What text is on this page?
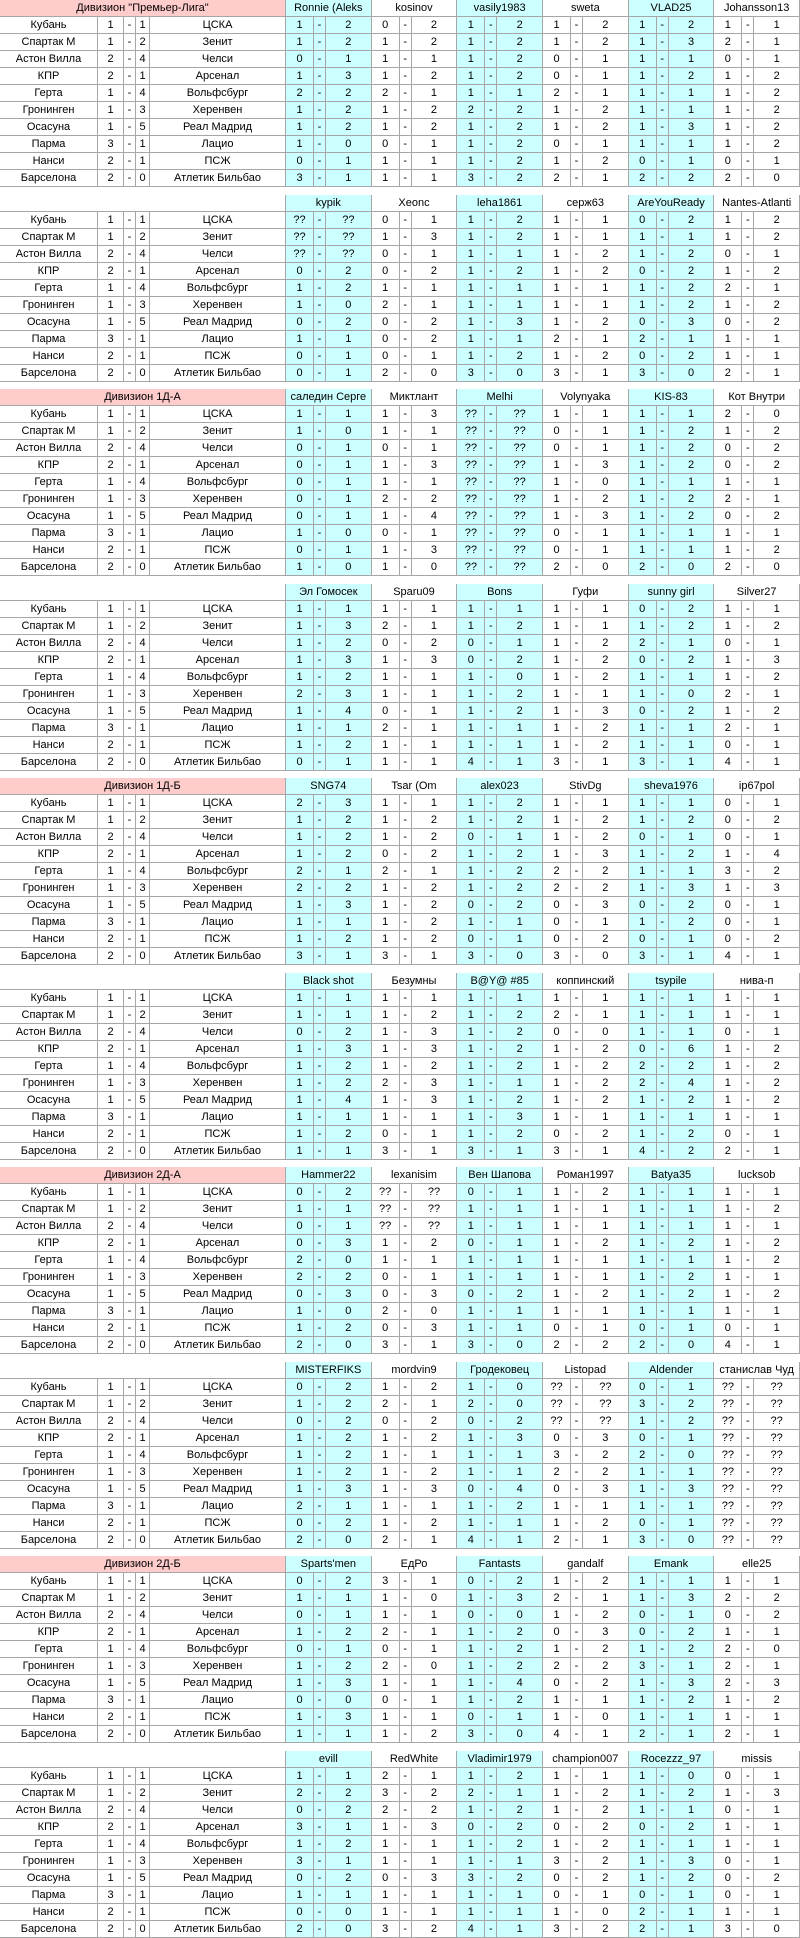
Дивизион "Премьер-Лига"	Ronnie (Aleks	kosinov	vasily1983	sweta	VLAD25	Johansson13
Кубань	1	- 1	ЦСКА	1	-	2	0	-	2	1	-	2	1	-	2	1	-	2	1	-	1
Спартак М	1	- 2	Зенит	1	-	2	1	-	2	1	-	2	1	-	2	1	-	3	2	-	1
Астон Вилла	2	- 4	Челси	0	-	1	1	-	1	1	-	2	0	-	1	1	-	1	0	-	1
КПР	2	- 1	Арсенал	1	-	3	1	-	2	1	-	2	0	-	1	1	-	2	1	-	2
Герта	1	- 4	Вольфсбург	2	-	2	2	-	1	1	-	1	2	-	1	1	-	1	1	-	2
Гронинген	1	- 3	Херенвен	1	-	2	1	-	2	2	-	2	1	-	2	1	-	1	1	-	2
Осасуна	1	- 5	Реал Мадрид	1	-	2	1	-	2	1	-	2	1	-	2	1	-	3	1	-	2
Парма	3	- 1	Лацио	1	-	0	0	-	1	1	-	2	0	-	1	1	-	1	1	-	2
Нанси	2	- 1	ПСЖ	0	-	1	1	-	1	1	-	2	1	-	2	0	-	1	0	-	1
Барселона	2	- 0	Атлетик Бильбао	3	-	1	1	-	1	3	-	2	2	-	1	2	-	2	2	-	0
kypik	Xeonc	leha1861	серж63	AreYouReady	Nantes-Atlanti
Кубань	1	- 1	ЦСКА	??	-	??	0	-	1	1	-	2	1	-	1	0	-	2	1	-	2
Спартак М	1	- 2	Зенит	??	-	??	1	-	3	1	-	2	1	-	1	1	-	1	1	-	2
Астон Вилла	2	- 4	Челси	??	-	??	0	-	1	1	-	1	1	-	2	1	-	2	0	-	1
КПР	2	- 1	Арсенал	0	-	2	0	-	2	1	-	2	1	-	2	0	-	2	1	-	2
Герта	1	- 4	Вольфсбург	1	-	2	1	-	1	1	-	1	1	-	1	1	-	2	2	-	1
Гронинген	1	- 3	Херенвен	1	-	0	2	-	1	1	-	1	1	-	1	1	-	2	1	-	2
Осасуна	1	- 5	Реал Мадрид	0	-	2	0	-	2	1	-	3	1	-	2	0	-	3	0	-	2
Парма	3	- 1	Лацио	1	-	1	0	-	2	1	-	1	2	-	1	2	-	1	1	-	1
Нанси	2	- 1	ПСЖ	0	-	1	0	-	1	1	-	2	1	-	2	0	-	2	1	-	1
Барселона	2	- 0	Атлетик Бильбао	0	-	1	2	-	0	3	-	0	3	-	1	3	-	0	2	-	1
Дивизион 1Д-А	саледин Серге	Миктлант	Melhi	Volynyaka	KIS-83	Кот Внутри
Кубань	1	- 1	ЦСКА	1	-	1	1	-	3	??	-	??	1	-	1	1	-	1	2	-	0
Спартак М	1	- 2	Зенит	1	-	0	1	-	1	??	-	??	0	-	1	1	-	2	1	-	2
Астон Вилла	2	- 4	Челси	0	-	1	0	-	1	??	-	??	0	-	1	1	-	2	0	-	2
КПР	2	- 1	Арсенал	0	-	1	1	-	3	??	-	??	1	-	3	1	-	2	0	-	2
Герта	1	- 4	Вольфсбург	0	-	1	1	-	1	??	-	??	1	-	0	1	-	1	1	-	1
Гронинген	1	- 3	Херенвен	0	-	1	2	-	2	??	-	??	1	-	2	1	-	2	2	-	1
Осасуна	1	- 5	Реал Мадрид	0	-	1	1	-	4	??	-	??	1	-	3	1	-	2	0	-	2
Парма	3	- 1	Лацио	1	-	0	0	-	1	??	-	??	0	-	1	1	-	1	1	-	1
Нанси	2	- 1	ПСЖ	0	-	1	1	-	3	??	-	??	0	-	1	1	-	1	1	-	2
Барселона	2	- 0	Атлетик Бильбао	1	-	0	1	-	0	??	-	??	2	-	0	2	-	0	2	-	0
Эл Гомосек	Sparu09	Bons	Гуфи	sunny girl	Silver27
Кубань	1	- 1	ЦСКА	1	-	1	1	-	1	1	-	1	1	-	1	0	-	2	1	-	1
Спартак М	1	- 2	Зенит	1	-	3	2	-	1	1	-	2	1	-	1	1	-	2	1	-	2
Астон Вилла	2	- 4	Челси	1	-	2	0	-	2	0	-	1	1	-	2	2	-	1	0	-	1
КПР	2	- 1	Арсенал	1	-	3	1	-	3	0	-	2	1	-	2	0	-	2	1	-	3
Герта	1	- 4	Вольфсбург	1	-	2	1	-	1	1	-	0	1	-	2	1	-	1	1	-	2
Гронинген	1	- 3	Херенвен	2	-	3	1	-	1	1	-	2	1	-	1	1	-	0	2	-	1
Осасуна	1	- 5	Реал Мадрид	1	-	4	0	-	1	1	-	2	1	-	3	0	-	2	1	-	2
Парма	3	- 1	Лацио	1	-	1	2	-	1	1	-	1	1	-	2	1	-	1	2	-	1
Нанси	2	- 1	ПСЖ	1	-	2	1	-	1	1	-	1	1	-	2	1	-	1	0	-	1
Барселона	2	- 0	Атлетик Бильбао	0	-	1	1	-	1	4	-	1	3	-	1	3	-	1	4	-	1
Дивизион 1Д-Б	SNG74	Tsar (Om	alex023	StivDg	sheva1976	ip67pol
Кубань	1	- 1	ЦСКА	2	-	3	1	-	1	1	-	2	1	-	1	1	-	1	0	-	1
Спартак М	1	- 2	Зенит	1	-	2	1	-	2	1	-	2	1	-	2	1	-	2	0	-	2
Астон Вилла	2	- 4	Челси	1	-	2	1	-	2	0	-	1	1	-	2	0	-	1	0	-	1
КПР	2	- 1	Арсенал	1	-	2	0	-	2	1	-	2	1	-	3	1	-	2	1	-	4
Герта	1	- 4	Вольфсбург	2	-	1	2	-	1	1	-	2	2	-	2	1	-	1	3	-	2
Гронинген	1	- 3	Херенвен	2	-	2	1	-	2	1	-	2	2	-	2	1	-	3	1	-	3
Осасуна	1	- 5	Реал Мадрид	1	-	3	1	-	2	0	-	2	0	-	3	0	-	2	0	-	1
Парма	3	- 1	Лацио	1	-	1	1	-	2	1	-	1	0	-	1	1	-	2	0	-	1
Нанси	2	- 1	ПСЖ	1	-	2	1	-	2	0	-	1	0	-	2	0	-	1	0	-	2
Барселона	2	- 0	Атлетик Бильбао	3	-	1	3	-	1	3	-	0	3	-	0	3	-	1	4	-	1
Black shot	Безумны	B@Y@ #85	коппинский	tsypile	нива-п
Кубань	1	- 1	ЦСКА	1	-	1	1	-	1	1	-	1	1	-	1	1	-	1	1	-	1
Спартак М	1	- 2	Зенит	1	-	1	1	-	2	1	-	2	2	-	1	1	-	1	1	-	1
Астон Вилла	2	- 4	Челси	0	-	2	1	-	3	1	-	2	0	-	0	1	-	1	0	-	1
КПР	2	- 1	Арсенал	1	-	3	1	-	3	1	-	2	1	-	2	0	-	6	1	-	2
Герта	1	- 4	Вольфсбург	1	-	2	1	-	2	1	-	2	1	-	2	2	-	2	1	-	2
Гронинген	1	- 3	Херенвен	1	-	2	2	-	3	1	-	1	1	-	2	2	-	4	1	-	2
Осасуна	1	- 5	Реал Мадрид	1	-	4	1	-	3	1	-	2	1	-	2	1	-	2	1	-	2
Парма	3	- 1	Лацио	1	-	1	1	-	1	1	-	3	1	-	1	1	-	1	1	-	1
Нанси	2	- 1	ПСЖ	1	-	2	0	-	1	1	-	2	0	-	2	1	-	2	0	-	1
Барселона	2	- 0	Атлетик Бильбао	1	-	1	3	-	1	3	-	1	3	-	1	4	-	2	2	-	1
Дивизион 2Д-А	Hammer22	lexanisim	Вен Шапова	Роман1997	Batya35	lucksob
Кубань	1	- 1	ЦСКА	0	-	2	??	-	??	0	-	1	1	-	2	1	-	1	1	-	1
Спартак М	1	- 2	Зенит	1	-	1	??	-	??	1	-	1	1	-	1	1	-	1	1	-	2
Астон Вилла	2	- 4	Челси	0	-	1	??	-	??	1	-	1	1	-	1	1	-	1	1	-	1
КПР	2	- 1	Арсенал	0	-	3	1	-	2	0	-	1	1	-	2	1	-	2	1	-	2
Герта	1	- 4	Вольфсбург	2	-	0	1	-	1	1	-	1	1	-	1	1	-	1	1	-	2
Гронинген	1	- 3	Херенвен	2	-	2	0	-	1	1	-	1	1	-	1	1	-	2	1	-	1
Осасуна	1	- 5	Реал Мадрид	0	-	3	0	-	3	0	-	2	1	-	2	1	-	2	1	-	2
Парма	3	- 1	Лацио	1	-	0	2	-	0	1	-	1	1	-	1	1	-	1	1	-	1
Нанси	2	- 1	ПСЖ	1	-	2	0	-	3	1	-	1	0	-	1	0	-	1	0	-	1
Барселона	2	- 0	Атлетик Бильбао	2	-	0	3	-	1	3	-	0	2	-	2	2	-	0	4	-	1
MISTERFIKS	mordvin9	Гродековец	Listopad	Aldender	станислав Чуд
Кубань	1	- 1	ЦСКА	0	-	2	1	-	2	1	-	0	??	-	??	0	-	1	??	-	??
Спартак М	1	- 2	Зенит	1	-	2	2	-	1	2	-	0	??	-	??	3	-	2	??	-	??
Астон Вилла	2	- 4	Челси	0	-	2	0	-	2	0	-	2	??	-	??	1	-	2	??	-	??
КПР	2	- 1	Арсенал	1	-	2	1	-	2	1	-	3	0	-	3	0	-	1	??	-	??
Герта	1	- 4	Вольфсбург	1	-	2	1	-	1	1	-	1	3	-	2	2	-	0	??	-	??
Гронинген	1	- 3	Херенвен	1	-	2	1	-	2	1	-	1	2	-	2	1	-	1	??	-	??
Осасуна	1	- 5	Реал Мадрид	1	-	3	1	-	3	0	-	4	0	-	3	1	-	3	??	-	??
Парма	3	- 1	Лацио	2	-	1	1	-	1	1	-	2	1	-	1	1	-	1	??	-	??
Нанси	2	- 1	ПСЖ	0	-	2	1	-	2	1	-	1	1	-	2	0	-	1	??	-	??
Барселона	2	- 0	Атлетик Бильбао	2	-	0	2	-	1	4	-	1	2	-	1	3	-	0	??	-	??
Дивизион 2Д-Б	Sparts'men	ЕдРо	Fantasts	gandalf	Emank	elle25
Кубань	1	- 1	ЦСКА	0	-	2	3	-	1	0	-	2	1	-	2	1	-	1	1	-	1
Спартак М	1	- 2	Зенит	1	-	1	1	-	0	1	-	3	2	-	1	1	-	3	2	-	2
Астон Вилла	2	- 4	Челси	0	-	1	1	-	1	0	-	0	1	-	2	0	-	1	0	-	2
КПР	2	- 1	Арсенал	1	-	2	2	-	1	1	-	2	0	-	3	0	-	2	1	-	1
Герта	1	- 4	Вольфсбург	0	-	1	0	-	1	1	-	2	1	-	2	1	-	2	2	-	0
Гронинген	1	- 3	Херенвен	1	-	2	2	-	0	1	-	2	2	-	2	3	-	1	2	-	1
Осасуна	1	- 5	Реал Мадрид	1	-	3	1	-	1	1	-	4	0	-	2	1	-	3	2	-	3
Парма	3	- 1	Лацио	0	-	0	0	-	1	1	-	2	1	-	1	1	-	2	1	-	2
Нанси	2	- 1	ПСЖ	1	-	3	1	-	1	0	-	1	1	-	0	1	-	1	1	-	1
Барселона	2	- 0	Атлетик Бильбао	1	-	1	1	-	2	3	-	0	4	-	1	2	-	1	2	-	1
evill	RedWhite	Vladimir1979	champion007	Rocezzz_97	missis
Кубань	1	- 1	ЦСКА	1	-	1	2	-	1	1	-	2	1	-	1	1	-	0	0	-	1
Спартак М	1	- 2	Зенит	2	-	2	3	-	2	2	-	1	1	-	2	1	-	2	1	-	3
Астон Вилла	2	- 4	Челси	0	-	2	2	-	2	1	-	2	1	-	2	1	-	1	0	-	1
КПР	2	- 1	Арсенал	3	-	1	1	-	3	0	-	2	0	-	2	0	-	2	1	-	1
Герта	1	- 4	Вольфсбург	1	-	2	1	-	1	1	-	2	1	-	2	1	-	1	1	-	1
Гронинген	1	- 3	Херенвен	3	-	1	1	-	1	1	-	1	3	-	2	1	-	3	0	-	1
Осасуна	1	- 5	Реал Мадрид	0	-	2	0	-	3	3	-	2	0	-	2	1	-	2	0	-	2
Парма	3	- 1	Лацио	1	-	1	1	-	1	1	-	1	0	-	1	0	-	1	0	-	1
Нанси	2	- 1	ПСЖ	0	-	0	1	-	1	1	-	1	1	-	0	2	-	1	1	-	1
Барселона	2	- 0	Атлетик Бильбао	2	-	0	3	-	2	4	-	1	3	-	2	2	-	1	3	-	0
